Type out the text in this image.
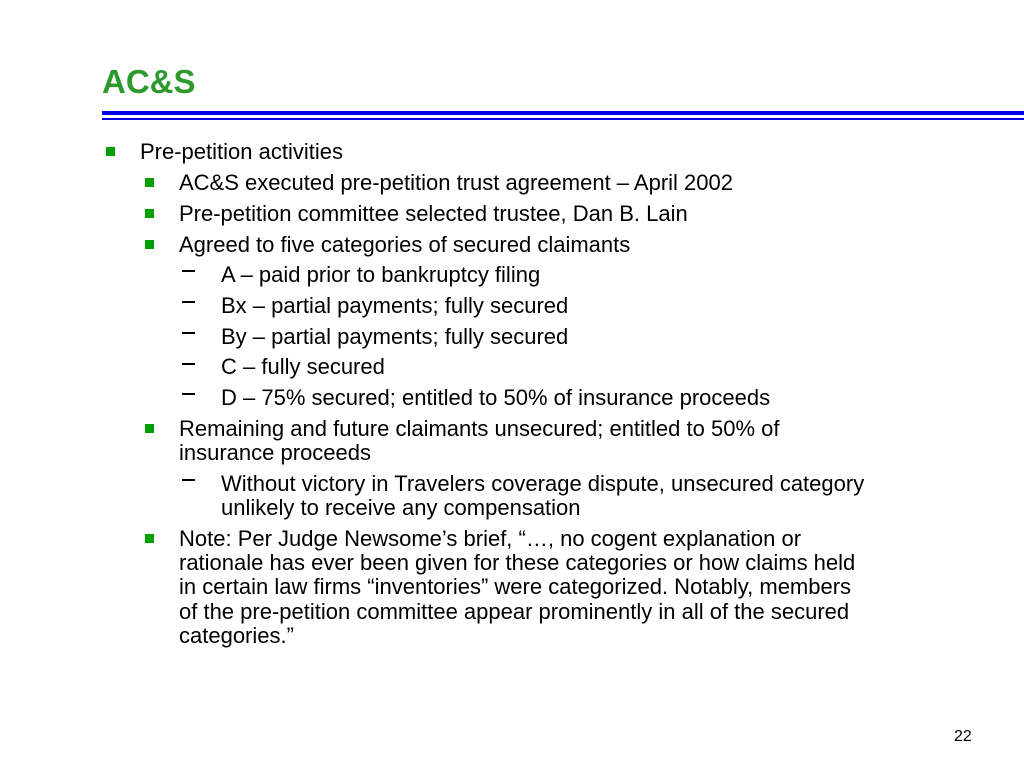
AC&S
Pre-petition activities
AC&S executed pre-petition trust agreement – April 2002
Pre-petition committee selected trustee, Dan B. Lain
Agreed to five categories of secured claimants
A – paid prior to bankruptcy filing
Bx – partial payments; fully secured
By – partial payments; fully secured
C – fully secured
D – 75% secured; entitled to 50% of insurance proceeds
Remaining and future claimants unsecured; entitled to 50% of
insurance proceeds
Without victory in Travelers coverage dispute, unsecured category
unlikely to receive any compensation
Note: Per Judge Newsome’s brief, “…, no cogent explanation or
rationale has ever been given for these categories or how claims held
in certain law firms “inventories” were categorized. Notably, members
of the pre-petition committee appear prominently in all of the secured
categories.”
22
